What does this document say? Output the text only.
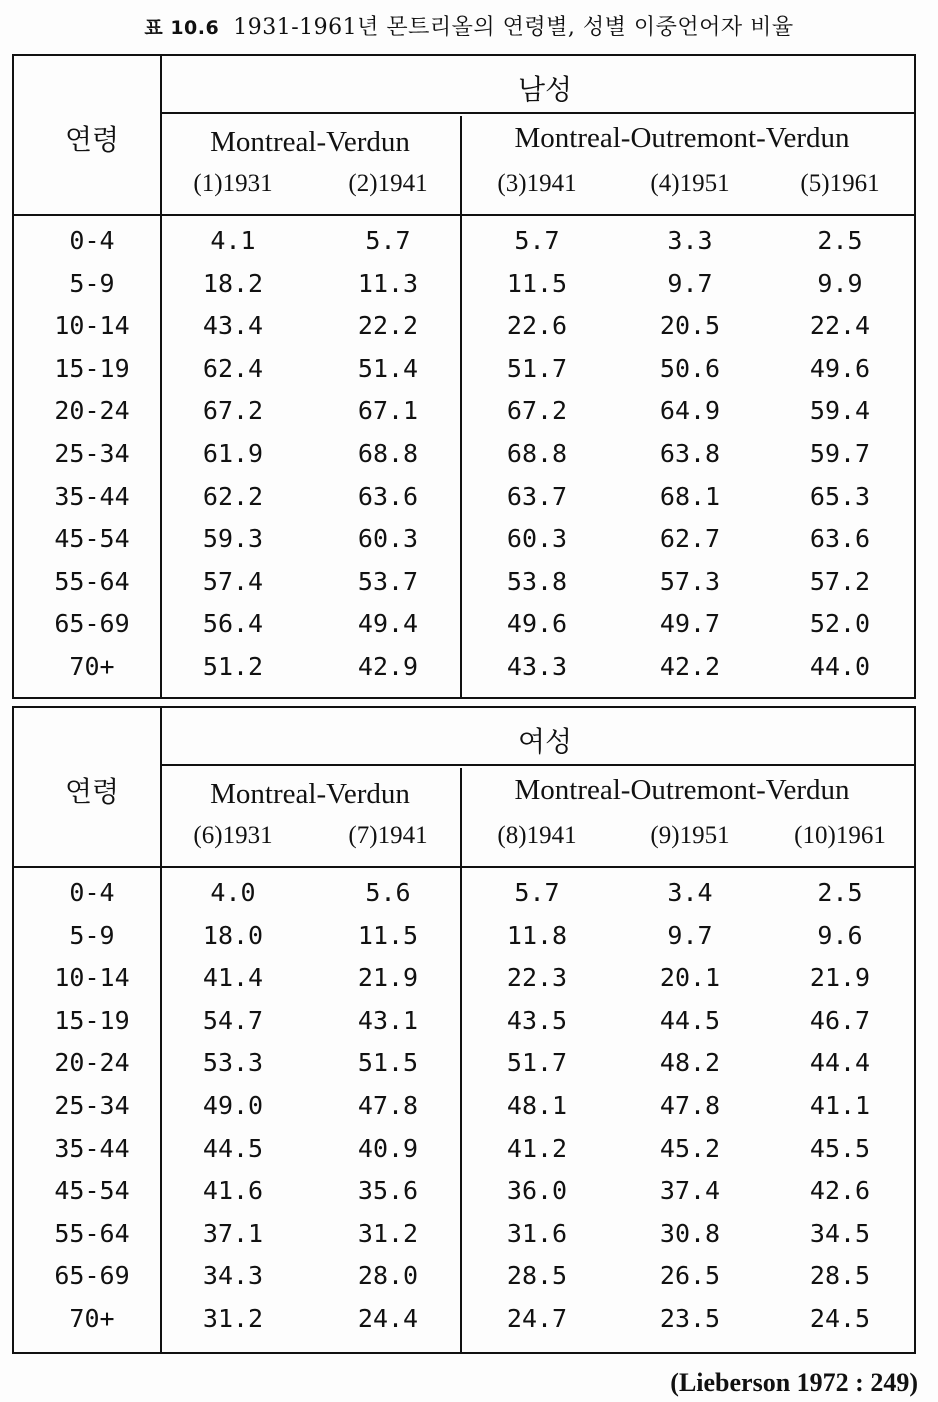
표 10.6 1931-1961년 몬트리올의 연령별, 성별 이중언어자 비율
남성
연령	Montreal-Verdun	Montreal-Outremont-Verdun
(1)1931	(2)1941	(3)1941	(4)1951	(5)1961
0-4	4.1	5.7	5.7	3.3	2.5
5-9	18.2	11.3	11.5	9.7	9.9
10-14	43.4	22.2	22.6	20.5	22.4
15-19	62.4	51.4	51.7	50.6	49.6
20-24	67.2	67.1	67.2	64.9	59.4
25-34	61.9	68.8	68.8	63.8	59.7
35-44	62.2	63.6	63.7	68.1	65.3
45-54	59.3	60.3	60.3	62.7	63.6
55-64	57.4	53.7	53.8	57.3	57.2
65-69	56.4	49.4	49.6	49.7	52.0
70+	51.2	42.9	43.3	42.2	44.0
여성
연령	Montreal-Verdun	Montreal-Outremont-Verdun
(6)1931	(7)1941	(8)1941	(9)1951	(10)1961
0-4	4.0	5.6	5.7	3.4	2.5
5-9	18.0	11.5	11.8	9.7	9.6
10-14	41.4	21.9	22.3	20.1	21.9
15-19	54.7	43.1	43.5	44.5	46.7
20-24	53.3	51.5	51.7	48.2	44.4
25-34	49.0	47.8	48.1	47.8	41.1
35-44	44.5	40.9	41.2	45.2	45.5
45-54	41.6	35.6	36.0	37.4	42.6
55-64	37.1	31.2	31.6	30.8	34.5
65-69	34.3	28.0	28.5	26.5	28.5
70+	31.2	24.4	24.7	23.5	24.5
(Lieberson 1972 : 249)
